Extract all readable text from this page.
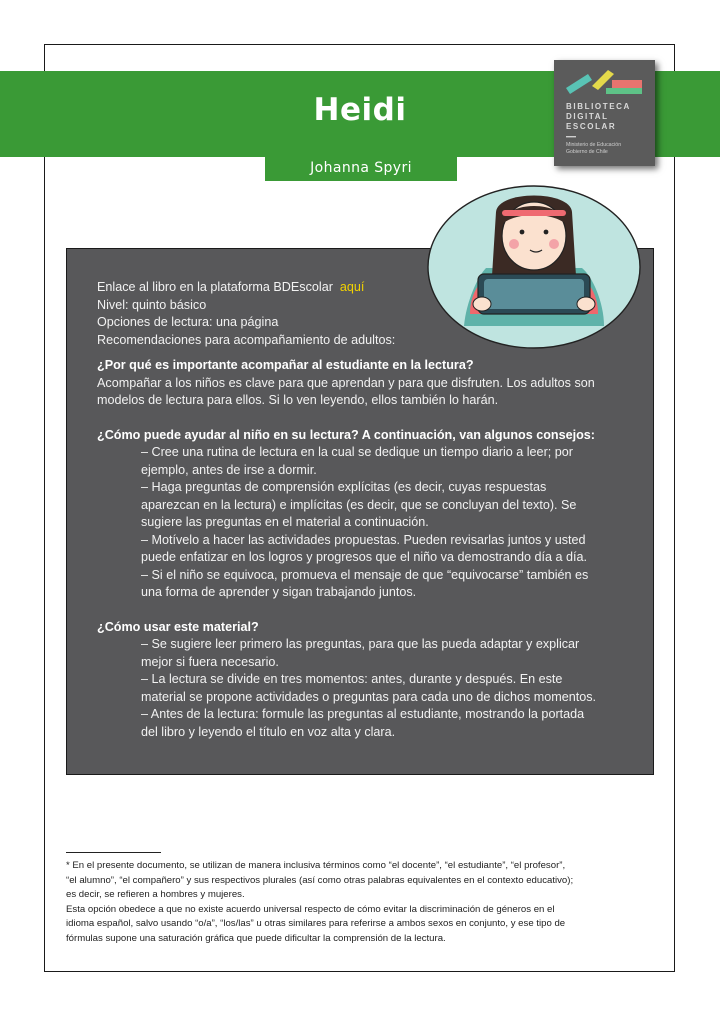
Heidi
Johanna Spyri
BIBLIOTECA
DIGITAL
ESCOLAR
Ministerio de Educación
Gobierno de Chile

Enlace al libro en la plataforma BDEscolar aquí

Nivel: quinto básico

Opciones de lectura: una página

Recomendaciones para acompañamiento de adultos:

¿Por qué es importante acompañar al estudiante en la lectura?

Acompañar a los niños es clave para que aprendan y para que disfruten. Los adultos son

modelos de lectura para ellos. Si lo ven leyendo, ellos también lo harán.

¿Cómo puede ayudar al niño en su lectura? A continuación, van algunos consejos:

– Cree una rutina de lectura en la cual se dedique un tiempo diario a leer; por

ejemplo, antes de irse a dormir.

– Haga preguntas de comprensión explícitas (es decir, cuyas respuestas

aparezcan en la lectura) e implícitas (es decir, que se concluyan del texto). Se

sugiere las preguntas en el material a continuación.

– Motívelo a hacer las actividades propuestas. Pueden revisarlas juntos y usted

puede enfatizar en los logros y progresos que el niño va demostrando día a día.

– Si el niño se equivoca, promueva el mensaje de que “equivocarse” también es

una forma de aprender y sigan trabajando juntos.

¿Cómo usar este material?

– Se sugiere leer primero las preguntas, para que las pueda adaptar y explicar

mejor si fuera necesario.

– La lectura se divide en tres momentos: antes, durante y después. En este

material se propone actividades o preguntas para cada uno de dichos momentos.

– Antes de la lectura: formule las preguntas al estudiante, mostrando la portada

del libro y leyendo el título en voz alta y clara.

* En el presente documento, se utilizan de manera inclusiva términos como “el docente”, “el estudiante”, “el profesor”,

“el alumno”, “el compañero” y sus respectivos plurales (así como otras palabras equivalentes en el contexto educativo);

es decir, se refieren a hombres y mujeres.

Esta opción obedece a que no existe acuerdo universal respecto de cómo evitar la discriminación de géneros en el

idioma español, salvo usando “o/a”, “los/las” u otras similares para referirse a ambos sexos en conjunto, y ese tipo de

fórmulas supone una saturación gráfica que puede dificultar la comprensión de la lectura.
